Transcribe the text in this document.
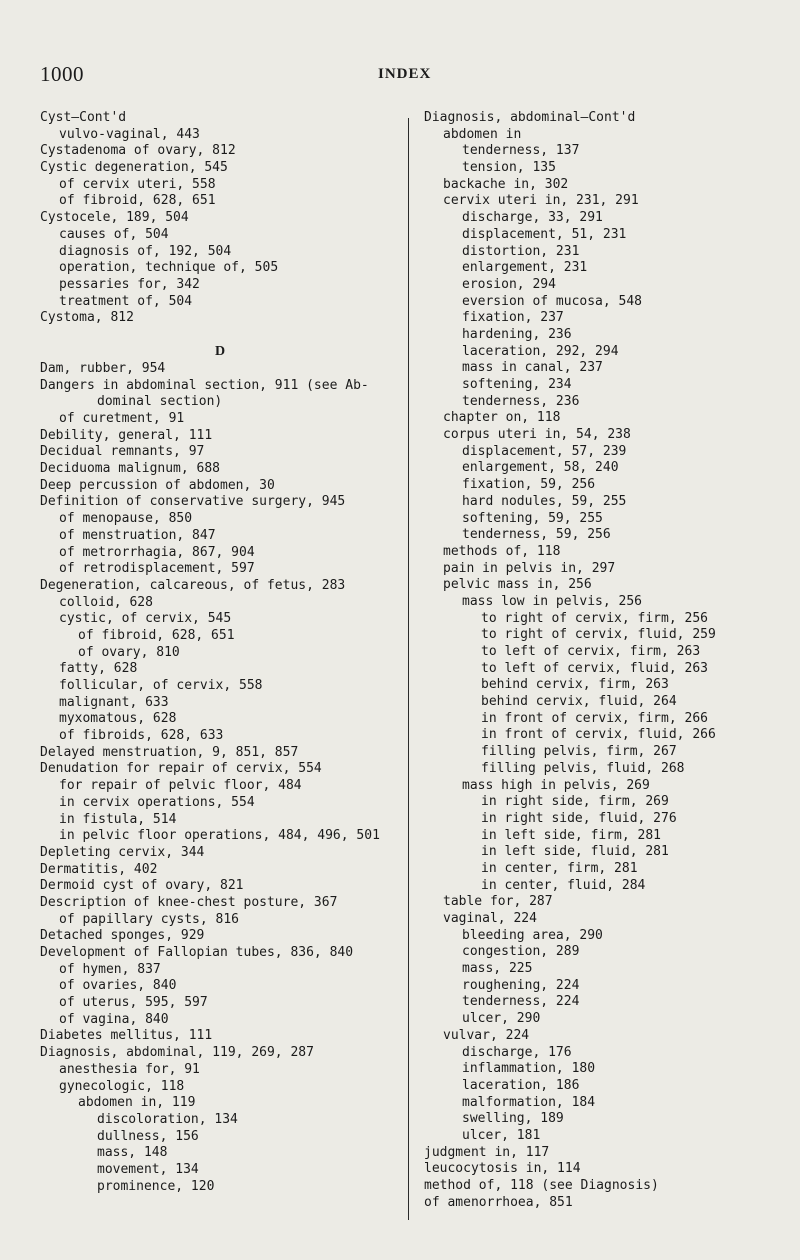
1000	INDEX
Cyst—Cont'd
vulvo-vaginal, 443
Cystadenoma of ovary, 812
Cystic degeneration, 545
of cervix uteri, 558
of fibroid, 628, 651
Cystocele, 189, 504
causes of, 504
diagnosis of, 192, 504
operation, technique of, 505
pessaries for, 342
treatment of, 504
Cystoma, 812
D
Dam, rubber, 954
Dangers in abdominal section, 911 (see Ab-
dominal section)
of curetment, 91
Debility, general, 111
Decidual remnants, 97
Deciduoma malignum, 688
Deep percussion of abdomen, 30
Definition of conservative surgery, 945
of menopause, 850
of menstruation, 847
of metrorrhagia, 867, 904
of retrodisplacement, 597
Degeneration, calcareous, of fetus, 283
colloid, 628
cystic, of cervix, 545
of fibroid, 628, 651
of ovary, 810
fatty, 628
follicular, of cervix, 558
malignant, 633
myxomatous, 628
of fibroids, 628, 633
Delayed menstruation, 9, 851, 857
Denudation for repair of cervix, 554
for repair of pelvic floor, 484
in cervix operations, 554
in fistula, 514
in pelvic floor operations, 484, 496, 501
Depleting cervix, 344
Dermatitis, 402
Dermoid cyst of ovary, 821
Description of knee-chest posture, 367
of papillary cysts, 816
Detached sponges, 929
Development of Fallopian tubes, 836, 840
of hymen, 837
of ovaries, 840
of uterus, 595, 597
of vagina, 840
Diabetes mellitus, 111
Diagnosis, abdominal, 119, 269, 287
anesthesia for, 91
gynecologic, 118
abdomen in, 119
discoloration, 134
dullness, 156
mass, 148
movement, 134
prominence, 120
Diagnosis, abdominal—Cont'd
abdomen in
tenderness, 137
tension, 135
backache in, 302
cervix uteri in, 231, 291
discharge, 33, 291
displacement, 51, 231
distortion, 231
enlargement, 231
erosion, 294
eversion of mucosa, 548
fixation, 237
hardening, 236
laceration, 292, 294
mass in canal, 237
softening, 234
tenderness, 236
chapter on, 118
corpus uteri in, 54, 238
displacement, 57, 239
enlargement, 58, 240
fixation, 59, 256
hard nodules, 59, 255
softening, 59, 255
tenderness, 59, 256
methods of, 118
pain in pelvis in, 297
pelvic mass in, 256
mass low in pelvis, 256
to right of cervix, firm, 256
to right of cervix, fluid, 259
to left of cervix, firm, 263
to left of cervix, fluid, 263
behind cervix, firm, 263
behind cervix, fluid, 264
in front of cervix, firm, 266
in front of cervix, fluid, 266
filling pelvis, firm, 267
filling pelvis, fluid, 268
mass high in pelvis, 269
in right side, firm, 269
in right side, fluid, 276
in left side, firm, 281
in left side, fluid, 281
in center, firm, 281
in center, fluid, 284
table for, 287
vaginal, 224
bleeding area, 290
congestion, 289
mass, 225
roughening, 224
tenderness, 224
ulcer, 290
vulvar, 224
discharge, 176
inflammation, 180
laceration, 186
malformation, 184
swelling, 189
ulcer, 181
judgment in, 117
leucocytosis in, 114
method of, 118 (see Diagnosis)
of amenorrhoea, 851
